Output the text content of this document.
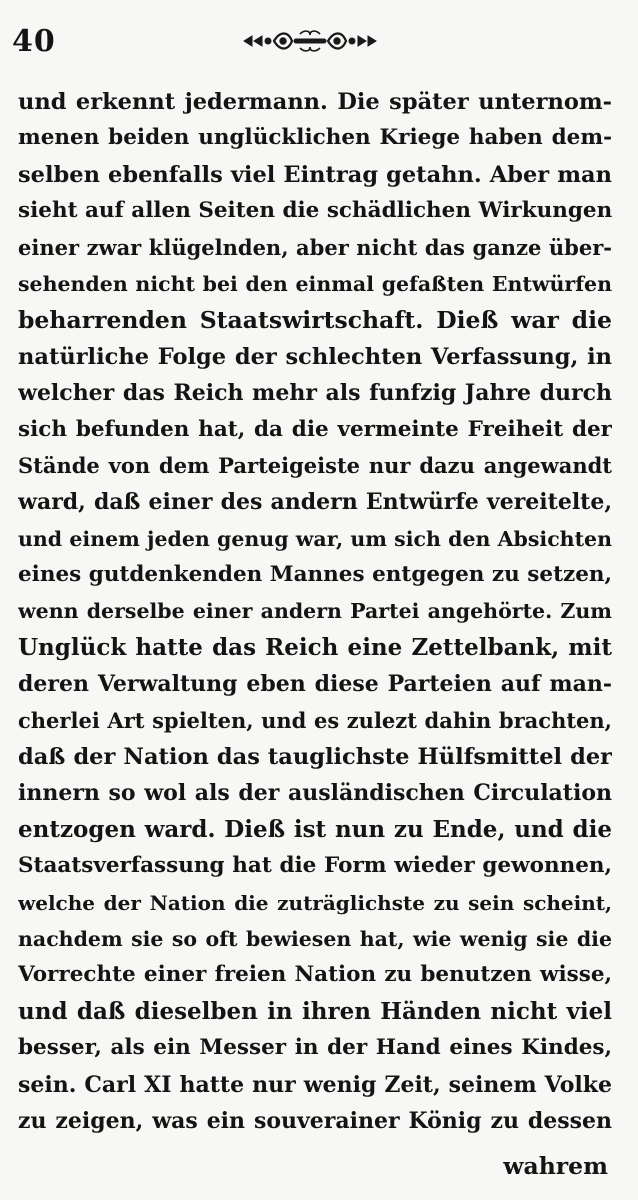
40
und erkennt jedermann. Die später unternom-
menen beiden unglücklichen Kriege haben dem-
selben ebenfalls viel Eintrag getahn. Aber man
sieht auf allen Seiten die schädlichen Wirkungen
einer zwar klügelnden, aber nicht das ganze über-
sehenden nicht bei den einmal gefaßten Entwürfen
beharrenden Staatswirtschaft. Dieß war die
natürliche Folge der schlechten Verfassung, in
welcher das Reich mehr als funfzig Jahre durch
sich befunden hat, da die vermeinte Freiheit der
Stände von dem Parteigeiste nur dazu angewandt
ward, daß einer des andern Entwürfe vereitelte,
und einem jeden genug war, um sich den Absichten
eines gutdenkenden Mannes entgegen zu setzen,
wenn derselbe einer andern Partei angehörte. Zum
Unglück hatte das Reich eine Zettelbank, mit
deren Verwaltung eben diese Parteien auf man-
cherlei Art spielten, und es zulezt dahin brachten,
daß der Nation das tauglichste Hülfsmittel der
innern so wol als der ausländischen Circulation
entzogen ward. Dieß ist nun zu Ende, und die
Staatsverfassung hat die Form wieder gewonnen,
welche der Nation die zuträglichste zu sein scheint,
nachdem sie so oft bewiesen hat, wie wenig sie die
Vorrechte einer freien Nation zu benutzen wisse,
und daß dieselben in ihren Händen nicht viel
besser, als ein Messer in der Hand eines Kindes,
sein. Carl XI hatte nur wenig Zeit, seinem Volke
zu zeigen, was ein souverainer König zu dessen
wahrem
